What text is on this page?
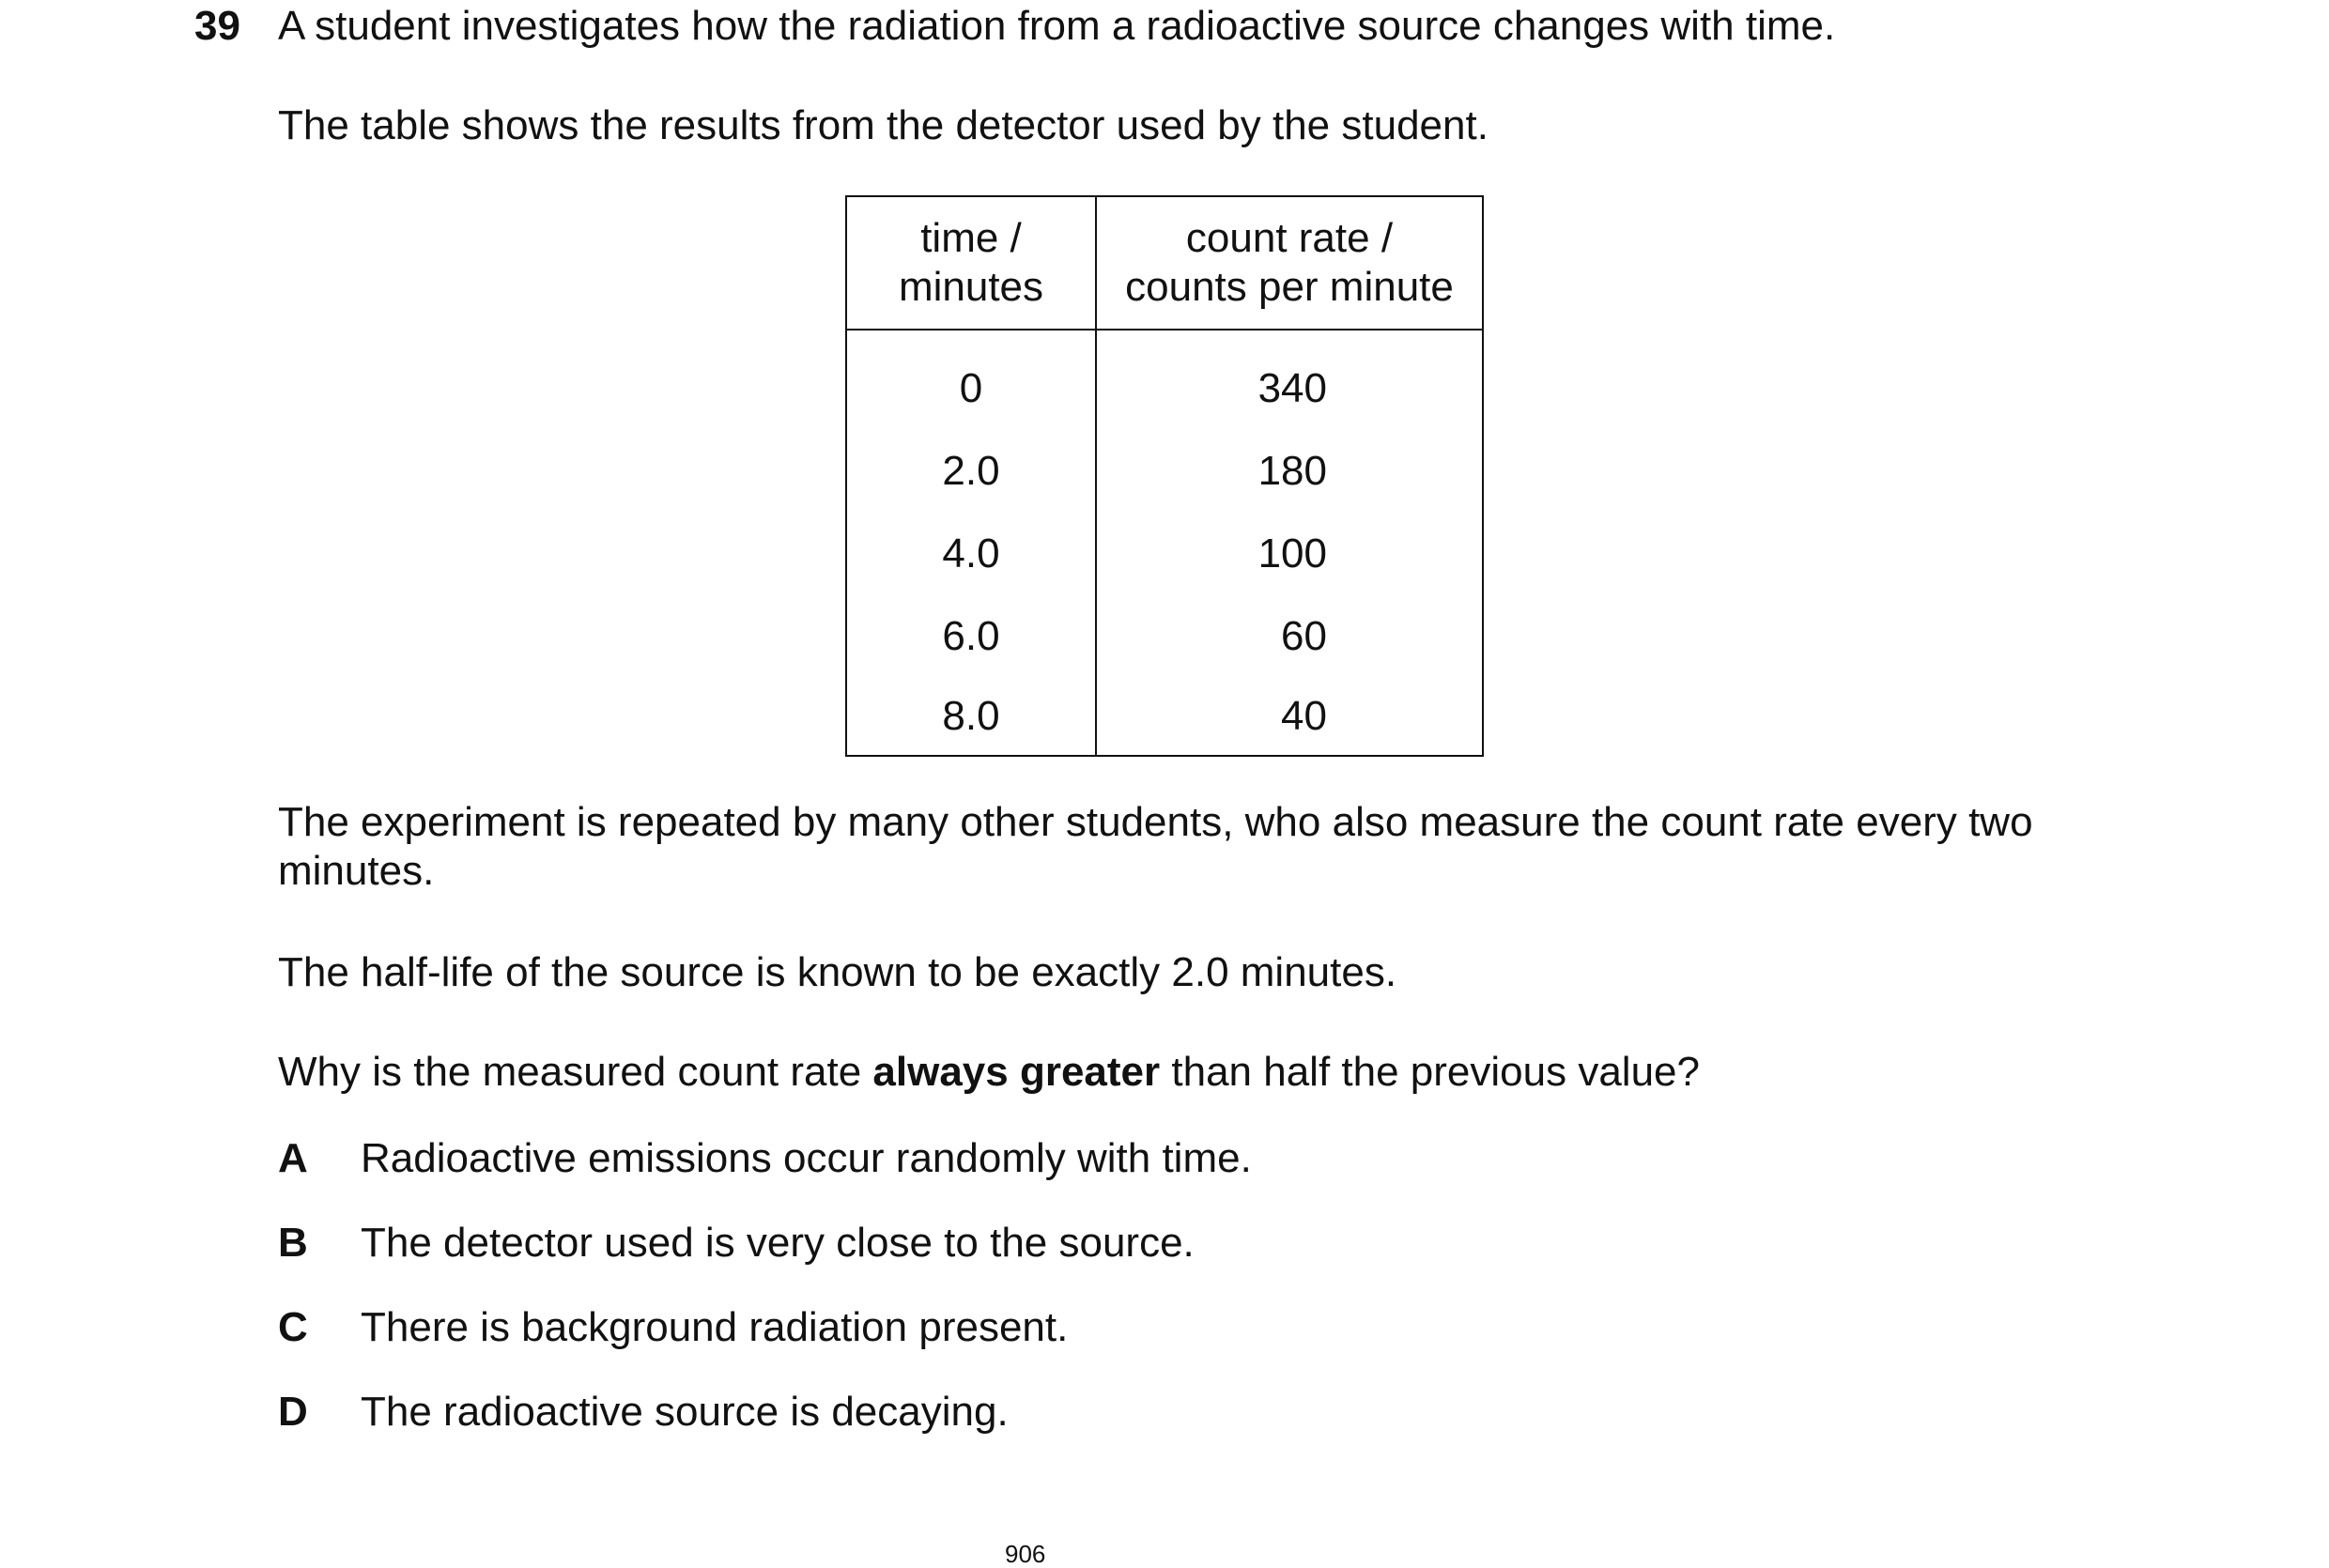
39 A student investigates how the radiation from a radioactive source changes with time.
The table shows the results from the detector used by the student.
time /
minutes	count rate /
counts per minute
0	340
2.0	180
4.0	100
6.0	60
8.0	40
The experiment is repeated by many other students, who also measure the count rate every two minutes.
The half-life of the source is known to be exactly 2.0 minutes.
Why is the measured count rate always greater than half the previous value?
A Radioactive emissions occur randomly with time.
B The detector used is very close to the source.
C There is background radiation present.
D The radioactive source is decaying.
906
